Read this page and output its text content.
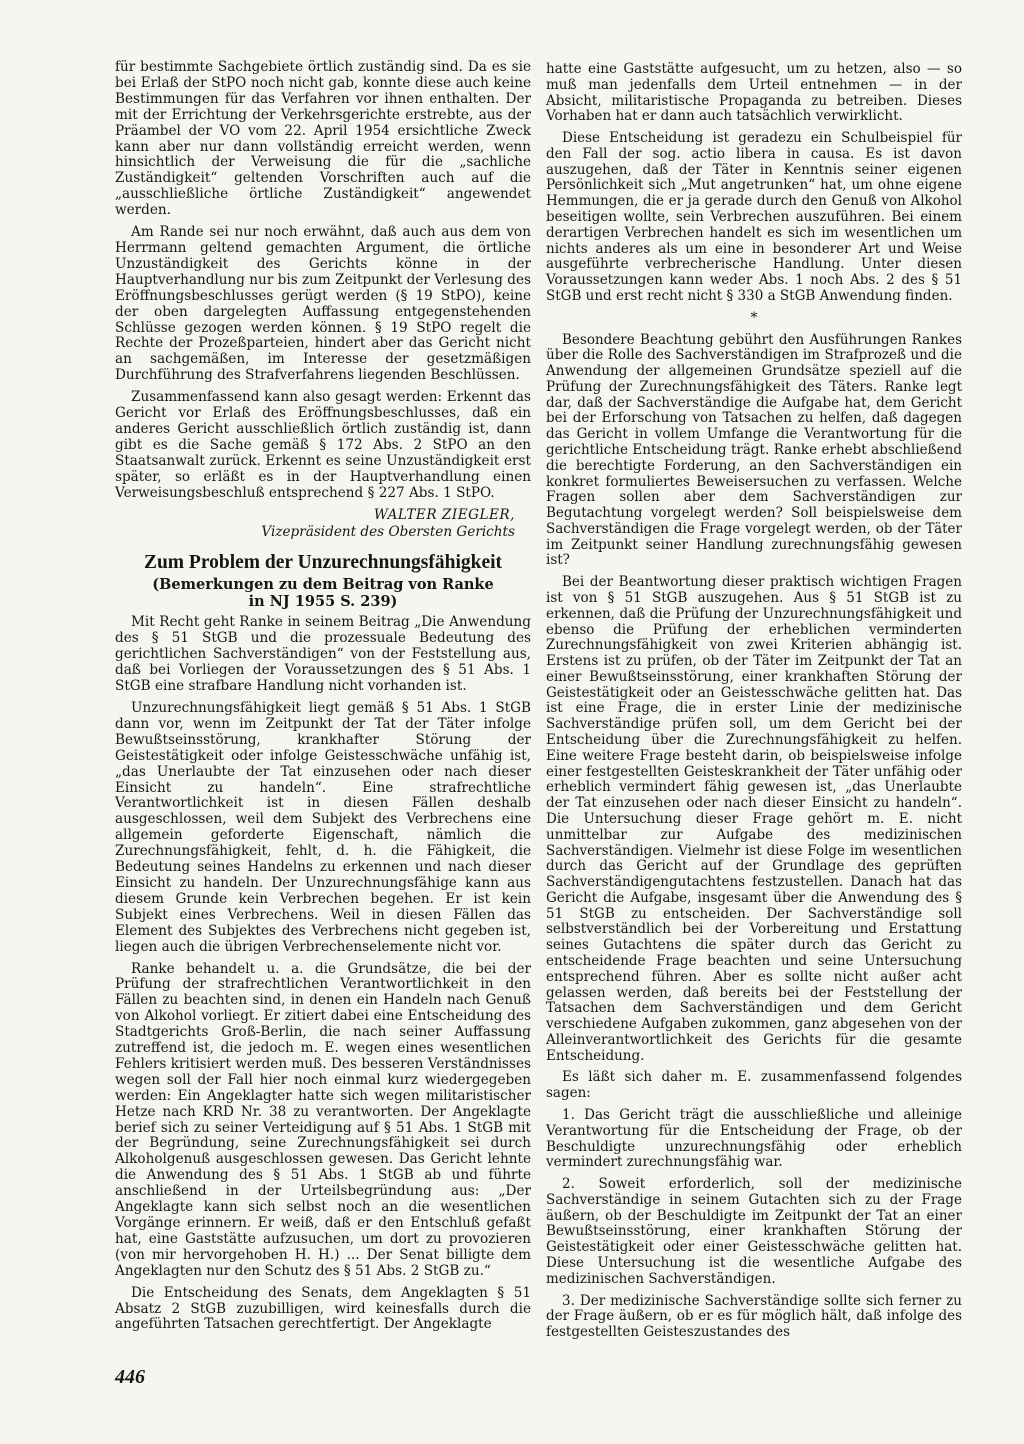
für bestimmte Sachgebiete örtlich zuständig sind. Da es sie bei Erlaß der StPO noch nicht gab, konnte diese auch keine Bestimmungen für das Verfahren vor ihnen enthalten. Der mit der Errichtung der Verkehrsgerichte erstrebte, aus der Präambel der VO vom 22. April 1954 ersichtliche Zweck kann aber nur dann vollständig erreicht werden, wenn hinsichtlich der Verweisung die für die „sachliche Zuständigkeit“ geltenden Vorschriften auch auf die „ausschließliche örtliche Zuständigkeit“ angewendet werden.

Am Rande sei nur noch erwähnt, daß auch aus dem von Herrmann geltend gemachten Argument, die örtliche Unzuständigkeit des Gerichts könne in der Hauptverhandlung nur bis zum Zeitpunkt der Verlesung des Eröffnungsbeschlusses gerügt werden (§ 19 StPO), keine der oben dargelegten Auffassung entgegenstehenden Schlüsse gezogen werden können. § 19 StPO regelt die Rechte der Prozeßparteien, hindert aber das Gericht nicht an sachgemäßen, im Interesse der gesetzmäßigen Durchführung des Strafverfahrens liegenden Beschlüssen.

Zusammenfassend kann also gesagt werden: Erkennt das Gericht vor Erlaß des Eröffnungsbeschlusses, daß ein anderes Gericht ausschließlich örtlich zuständig ist, dann gibt es die Sache gemäß § 172 Abs. 2 StPO an den Staatsanwalt zurück. Erkennt es seine Unzuständigkeit erst später, so erläßt es in der Hauptverhandlung einen Verweisungsbeschluß entsprechend § 227 Abs. 1 StPO.

WALTER ZIEGLER,
Vizepräsident des Obersten Gerichts
Zum Problem der Unzurechnungsfähigkeit
(Bemerkungen zu dem Beitrag von Ranke
in NJ 1955 S. 239)

Mit Recht geht Ranke in seinem Beitrag „Die Anwendung des § 51 StGB und die prozessuale Bedeutung des gerichtlichen Sachverständigen“ von der Feststellung aus, daß bei Vorliegen der Voraussetzungen des § 51 Abs. 1 StGB eine strafbare Handlung nicht vorhanden ist.

Unzurechnungsfähigkeit liegt gemäß § 51 Abs. 1 StGB dann vor, wenn im Zeitpunkt der Tat der Täter infolge Bewußtseinsstörung, krankhafter Störung der Geistestätigkeit oder infolge Geistesschwäche unfähig ist, „das Unerlaubte der Tat einzusehen oder nach dieser Einsicht zu handeln“. Eine strafrechtliche Verantwortlichkeit ist in diesen Fällen deshalb ausgeschlossen, weil dem Subjekt des Verbrechens eine allgemein geforderte Eigenschaft, nämlich die Zurechnungsfähigkeit, fehlt, d. h. die Fähigkeit, die Bedeutung seines Handelns zu erkennen und nach dieser Einsicht zu handeln. Der Unzurechnungsfähige kann aus diesem Grunde kein Verbrechen begehen. Er ist kein Subjekt eines Verbrechens. Weil in diesen Fällen das Element des Subjektes des Verbrechens nicht gegeben ist, liegen auch die übrigen Verbrechenselemente nicht vor.

Ranke behandelt u. a. die Grundsätze, die bei der Prüfung der strafrechtlichen Verantwortlichkeit in den Fällen zu beachten sind, in denen ein Handeln nach Genuß von Alkohol vorliegt. Er zitiert dabei eine Entscheidung des Stadtgerichts Groß-Berlin, die nach seiner Auffassung zutreffend ist, die jedoch m. E. wegen eines wesentlichen Fehlers kritisiert werden muß. Des besseren Verständnisses wegen soll der Fall hier noch einmal kurz wiedergegeben werden: Ein Angeklagter hatte sich wegen militaristischer Hetze nach KRD Nr. 38 zu verantworten. Der Angeklagte berief sich zu seiner Verteidigung auf § 51 Abs. 1 StGB mit der Begründung, seine Zurechnungsfähigkeit sei durch Alkoholgenuß ausgeschlossen gewesen. Das Gericht lehnte die Anwendung des § 51 Abs. 1 StGB ab und führte anschließend in der Urteilsbegründung aus: „Der Angeklagte kann sich selbst noch an die wesentlichen Vorgänge erinnern. Er weiß, daß er den Entschluß gefaßt hat, eine Gaststätte aufzusuchen, um dort zu provozieren (von mir hervorgehoben H. H.) ... Der Senat billigte dem Angeklagten nur den Schutz des § 51 Abs. 2 StGB zu.“

Die Entscheidung des Senats, dem Angeklagten § 51 Absatz 2 StGB zuzubilligen, wird keinesfalls durch die angeführten Tatsachen gerechtfertigt. Der Angeklagte

hatte eine Gaststätte aufgesucht, um zu hetzen, also — so muß man jedenfalls dem Urteil entnehmen — in der Absicht, militaristische Propaganda zu betreiben. Dieses Vorhaben hat er dann auch tatsächlich verwirklicht.

Diese Entscheidung ist geradezu ein Schulbeispiel für den Fall der sog. actio libera in causa. Es ist davon auszugehen, daß der Täter in Kenntnis seiner eigenen Persönlichkeit sich „Mut angetrunken“ hat, um ohne eigene Hemmungen, die er ja gerade durch den Genuß von Alkohol beseitigen wollte, sein Verbrechen auszuführen. Bei einem derartigen Verbrechen handelt es sich im wesentlichen um nichts anderes als um eine in besonderer Art und Weise ausgeführte verbrecherische Handlung. Unter diesen Voraussetzungen kann weder Abs. 1 noch Abs. 2 des § 51 StGB und erst recht nicht § 330 a StGB Anwendung finden.

*

Besondere Beachtung gebührt den Ausführungen Rankes über die Rolle des Sachverständigen im Strafprozeß und die Anwendung der allgemeinen Grundsätze speziell auf die Prüfung der Zurechnungsfähigkeit des Täters. Ranke legt dar, daß der Sachverständige die Aufgabe hat, dem Gericht bei der Erforschung von Tatsachen zu helfen, daß dagegen das Gericht in vollem Umfange die Verantwortung für die gerichtliche Entscheidung trägt. Ranke erhebt abschließend die berechtigte Forderung, an den Sachverständigen ein konkret formuliertes Beweisersuchen zu verfassen. Welche Fragen sollen aber dem Sachverständigen zur Begutachtung vorgelegt werden? Soll beispielsweise dem Sachverständigen die Frage vorgelegt werden, ob der Täter im Zeitpunkt seiner Handlung zurechnungsfähig gewesen ist?

Bei der Beantwortung dieser praktisch wichtigen Fragen ist von § 51 StGB auszugehen. Aus § 51 StGB ist zu erkennen, daß die Prüfung der Unzurechnungsfähigkeit und ebenso die Prüfung der erheblichen verminderten Zurechnungsfähigkeit von zwei Kriterien abhängig ist. Erstens ist zu prüfen, ob der Täter im Zeitpunkt der Tat an einer Bewußtseinsstörung, einer krankhaften Störung der Geistestätigkeit oder an Geistesschwäche gelitten hat. Das ist eine Frage, die in erster Linie der medizinische Sachverständige prüfen soll, um dem Gericht bei der Entscheidung über die Zurechnungsfähigkeit zu helfen. Eine weitere Frage besteht darin, ob beispielsweise infolge einer festgestellten Geisteskrankheit der Täter unfähig oder erheblich vermindert fähig gewesen ist, „das Unerlaubte der Tat einzusehen oder nach dieser Einsicht zu handeln“. Die Untersuchung dieser Frage gehört m. E. nicht unmittelbar zur Aufgabe des medizinischen Sachverständigen. Vielmehr ist diese Folge im wesentlichen durch das Gericht auf der Grundlage des geprüften Sachverständigengutachtens festzustellen. Danach hat das Gericht die Aufgabe, insgesamt über die Anwendung des § 51 StGB zu entscheiden. Der Sachverständige soll selbstverständlich bei der Vorbereitung und Erstattung seines Gutachtens die später durch das Gericht zu entscheidende Frage beachten und seine Untersuchung entsprechend führen. Aber es sollte nicht außer acht gelassen werden, daß bereits bei der Feststellung der Tatsachen dem Sachverständigen und dem Gericht verschiedene Aufgaben zukommen, ganz abgesehen von der Alleinverantwortlichkeit des Gerichts für die gesamte Entscheidung.

Es läßt sich daher m. E. zusammenfassend folgendes sagen:

1. Das Gericht trägt die ausschließliche und alleinige Verantwortung für die Entscheidung der Frage, ob der Beschuldigte unzurechnungsfähig oder erheblich vermindert zurechnungsfähig war.

2. Soweit erforderlich, soll der medizinische Sachverständige in seinem Gutachten sich zu der Frage äußern, ob der Beschuldigte im Zeitpunkt der Tat an einer Bewußtseinsstörung, einer krankhaften Störung der Geistestätigkeit oder einer Geistesschwäche gelitten hat. Diese Untersuchung ist die wesentliche Aufgabe des medizinischen Sachverständigen.

3. Der medizinische Sachverständige sollte sich ferner zu der Frage äußern, ob er es für möglich hält, daß infolge des festgestellten Geisteszustandes des

446
